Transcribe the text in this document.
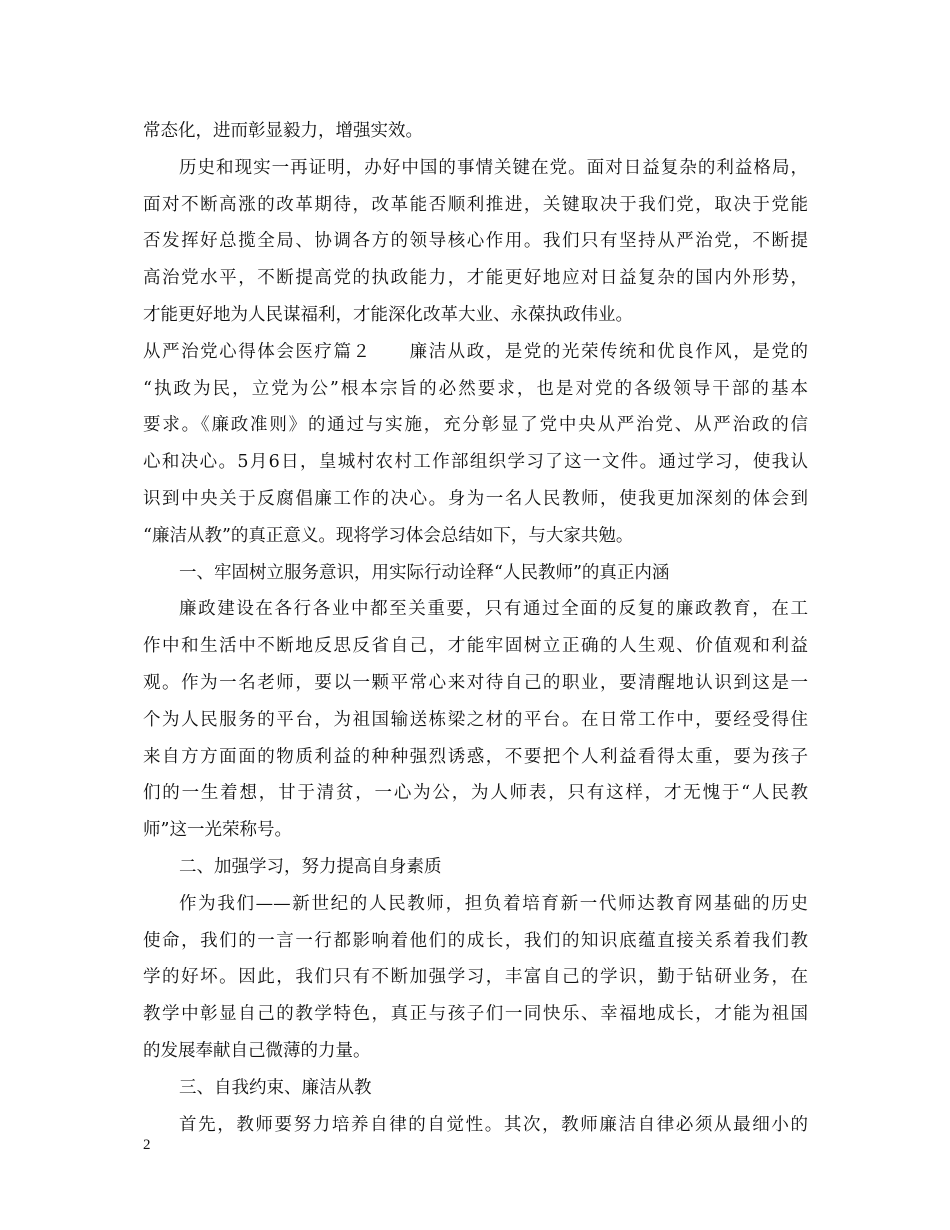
常态化，进而彰显毅力，增强实效。
历史和现实一再证明，办好中国的事情关键在党。面对日益复杂的利益格局，
面对不断高涨的改革期待，改革能否顺利推进，关键取决于我们党，取决于党能
否发挥好总揽全局、协调各方的领导核心作用。我们只有坚持从严治党，不断提
高治党水平，不断提高党的执政能力，才能更好地应对日益复杂的国内外形势，
才能更好地为人民谋福利，才能深化改革大业、永葆执政伟业。
从严治党心得体会医疗篇２ 廉洁从政，是党的光荣传统和优良作风，是党的
“执政为民，立党为公”根本宗旨的必然要求，也是对党的各级领导干部的基本
要求。《廉政准则》的通过与实施，充分彰显了党中央从严治党、从严治政的信
心和决心。5月6日，皇城村农村工作部组织学习了这一文件。通过学习，使我认
识到中央关于反腐倡廉工作的决心。身为一名人民教师，使我更加深刻的体会到
“廉洁从教”的真正意义。现将学习体会总结如下，与大家共勉。
一、牢固树立服务意识，用实际行动诠释“人民教师”的真正内涵
廉政建设在各行各业中都至关重要，只有通过全面的反复的廉政教育，在工
作中和生活中不断地反思反省自己，才能牢固树立正确的人生观、价值观和利益
观。作为一名老师，要以一颗平常心来对待自己的职业，要清醒地认识到这是一
个为人民服务的平台，为祖国输送栋梁之材的平台。在日常工作中，要经受得住
来自方方面面的物质利益的种种强烈诱惑，不要把个人利益看得太重，要为孩子
们的一生着想，甘于清贫，一心为公，为人师表，只有这样，才无愧于“人民教
师”这一光荣称号。
二、加强学习，努力提高自身素质
作为我们——新世纪的人民教师，担负着培育新一代师达教育网基础的历史
使命，我们的一言一行都影响着他们的成长，我们的知识底蕴直接关系着我们教
学的好坏。因此，我们只有不断加强学习，丰富自己的学识，勤于钻研业务，在
教学中彰显自己的教学特色，真正与孩子们一同快乐、幸福地成长，才能为祖国
的发展奉献自己微薄的力量。
三、自我约束、廉洁从教
首先，教师要努力培养自律的自觉性。其次，教师廉洁自律必须从最细小的
2
